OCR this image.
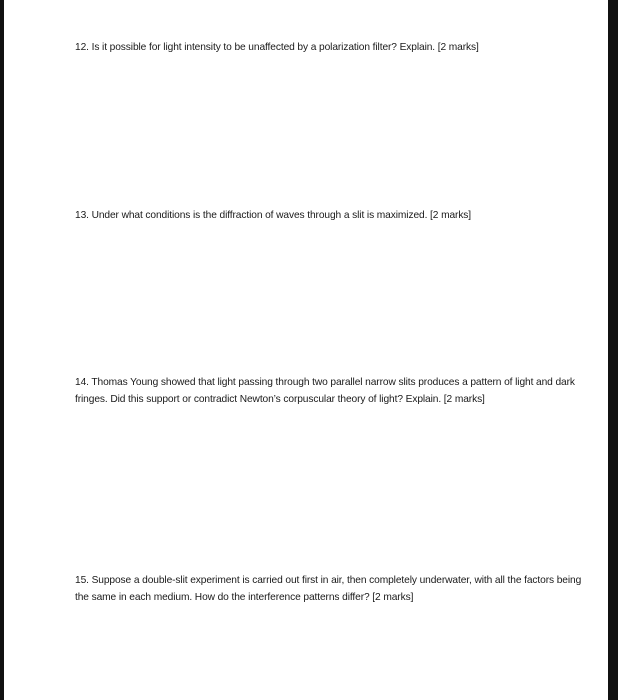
12. Is it possible for light intensity to be unaffected by a polarization filter? Explain. [2 marks]

13. Under what conditions is the diffraction of waves through a slit is maximized. [2 marks]

14. Thomas Young showed that light passing through two parallel narrow slits produces a pattern of light and dark fringes. Did this support or contradict Newton’s corpuscular theory of light? Explain. [2 marks]

15. Suppose a double-slit experiment is carried out first in air, then completely underwater, with all the factors being the same in each medium. How do the interference patterns differ? [2 marks]
